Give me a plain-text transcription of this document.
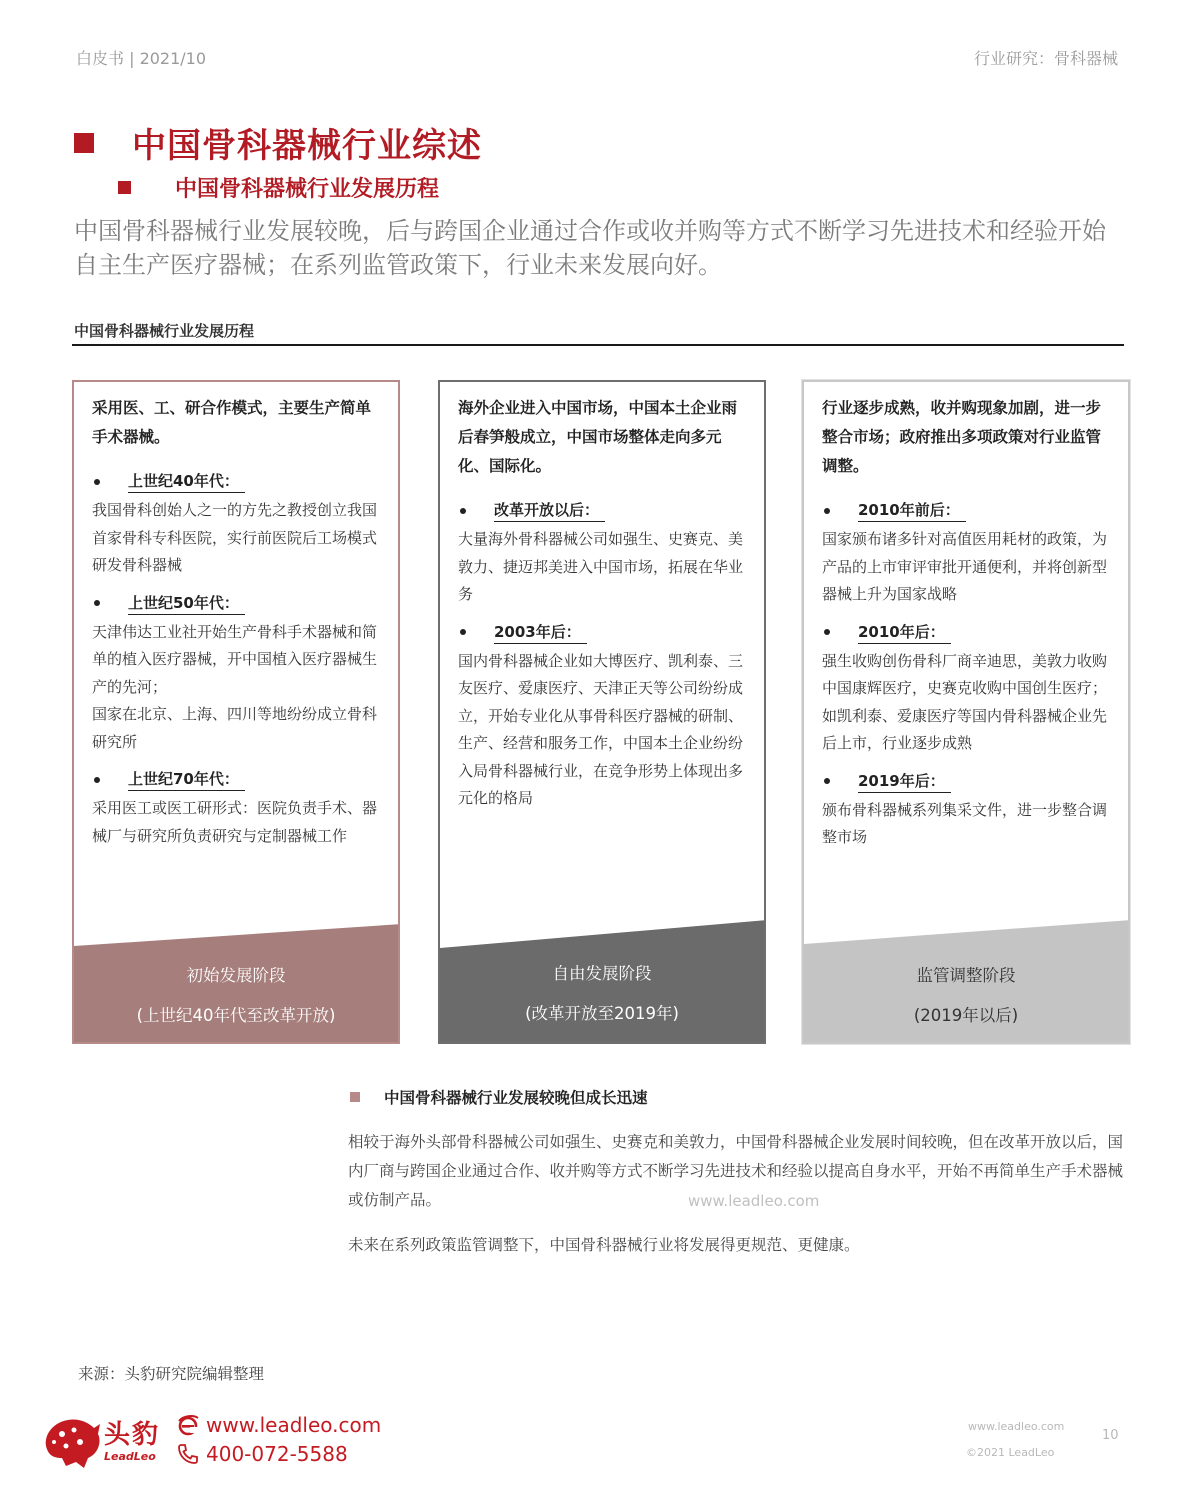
白皮书 | 2021/10	行业研究：骨科器械
中国骨科器械行业综述
中国骨科器械行业发展历程
中国骨科器械行业发展较晚，后与跨国企业通过合作或收并购等方式不断学习先进技术和经验开始自主生产医疗器械；在系列监管政策下，行业未来发展向好。
中国骨科器械行业发展历程
采用医、工、研合作模式，主要生产简单手术器械。
上世纪40年代：
我国骨科创始人之一的方先之教授创立我国首家骨科专科医院，实行前医院后工场模式研发骨科器械
上世纪50年代：
天津伟达工业社开始生产骨科手术器械和简单的植入医疗器械，开中国植入医疗器械生产的先河；
国家在北京、上海、四川等地纷纷成立骨科研究所
上世纪70年代：
采用医工或医工研形式：医院负责手术、器械厂与研究所负责研究与定制器械工作
初始发展阶段
(上世纪40年代至改革开放)
海外企业进入中国市场，中国本土企业雨后春笋般成立，中国市场整体走向多元化、国际化。
改革开放以后：
大量海外骨科器械公司如强生、史赛克、美敦力、捷迈邦美进入中国市场，拓展在华业务
2003年后：
国内骨科器械企业如大博医疗、凯利泰、三友医疗、爱康医疗、天津正天等公司纷纷成立，开始专业化从事骨科医疗器械的研制、生产、经营和服务工作，中国本土企业纷纷入局骨科器械行业，在竞争形势上体现出多元化的格局
自由发展阶段
(改革开放至2019年)
行业逐步成熟，收并购现象加剧，进一步整合市场；政府推出多项政策对行业监管调整。
2010年前后：
国家颁布诸多针对高值医用耗材的政策，为产品的上市审评审批开通便利，并将创新型器械上升为国家战略
2010年后：
强生收购创伤骨科厂商辛迪思，美敦力收购中国康辉医疗，史赛克收购中国创生医疗；
如凯利泰、爱康医疗等国内骨科器械企业先后上市，行业逐步成熟
2019年后：
颁布骨科器械系列集采文件，进一步整合调整市场
监管调整阶段
(2019年以后)
中国骨科器械行业发展较晚但成长迅速
相较于海外头部骨科器械公司如强生、史赛克和美敦力，中国骨科器械企业发展时间较晚，但在改革开放以后，国内厂商与跨国企业通过合作、收并购等方式不断学习先进技术和经验以提高自身水平，开始不再简单生产手术器械或仿制产品。	www.leadleo.com
未来在系列政策监管调整下，中国骨科器械行业将发展得更规范、更健康。
来源：头豹研究院编辑整理
头豹
LeadLeo
www.leadleo.com
400-072-5588
www.leadleo.com
©2021 LeadLeo
10
